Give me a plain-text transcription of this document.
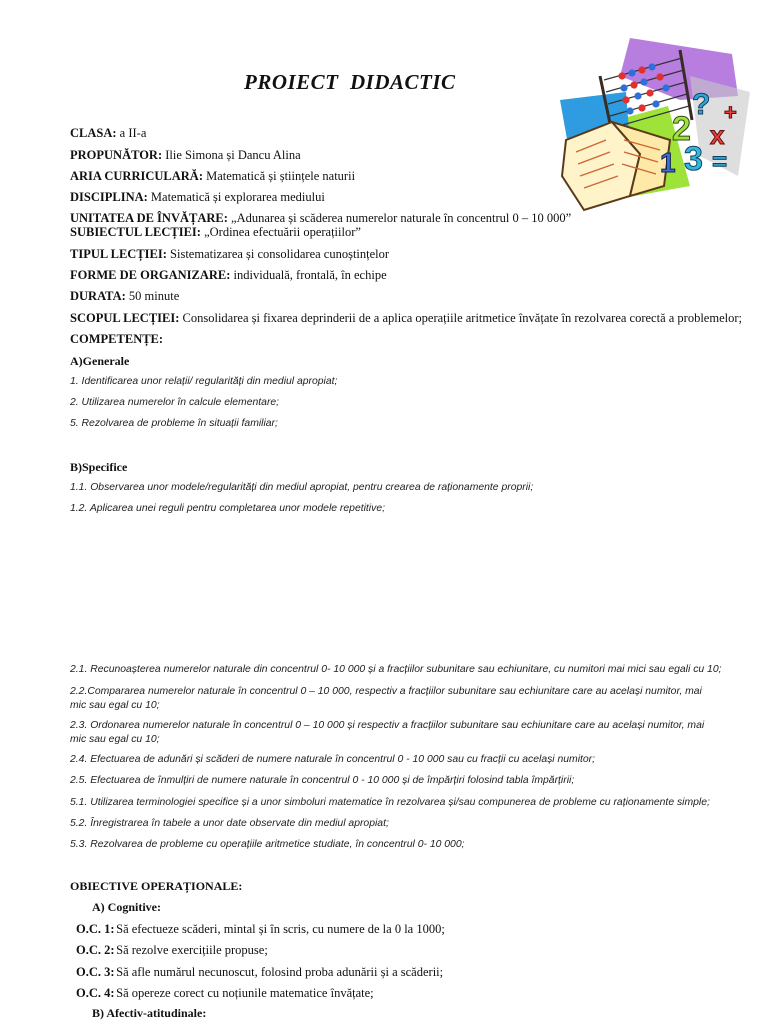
PROIECT  DIDACTIC
?
2 x
3
1 =
+
CLASA: a II-a
PROPUNĂTOR: Ilie Simona și Dancu Alina
ARIA CURRICULARĂ: Matematică și științele naturii
DISCIPLINA: Matematică și explorarea mediului
UNITATEA DE ÎNVĂȚARE: „Adunarea și scăderea numerelor naturale în concentrul 0 – 10 000”
SUBIECTUL LECȚIEI: „Ordinea efectuării operațiilor”
TIPUL LECȚIEI: Sistematizarea și consolidarea cunoștințelor
FORME DE ORGANIZARE: individuală, frontală, în echipe
DURATA: 50 minute
SCOPUL LECȚIEI: Consolidarea și fixarea deprinderii de a aplica operațiile aritmetice învățate în rezolvarea corectă a problemelor;
COMPETENȚE:
A)Generale
1. Identificarea unor relații/ regularități din mediul apropiat;
2. Utilizarea numerelor în calcule elementare;
5. Rezolvarea de probleme în situații familiar;
B)Specifice
1.1. Observarea unor modele/regularități din mediul apropiat, pentru crearea de raționamente proprii;
1.2. Aplicarea unei reguli pentru completarea unor modele repetitive;
2.1. Recunoașterea numerelor naturale din concentrul 0- 10 000 și a fracțiilor subunitare sau echiunitare, cu numitori mai mici sau egali cu 10;
2.2.Compararea numerelor naturale în concentrul 0 – 10 000, respectiv a fracțiilor subunitare sau echiunitare care au același numitor, mai mic sau egal cu 10;
2.3. Ordonarea numerelor naturale în concentrul 0 – 10 000 și respectiv a fracțiilor subunitare sau echiunitare care au același numitor, mai mic sau egal cu 10;
2.4. Efectuarea de adunări și scăderi de numere naturale în concentrul 0 - 10 000 sau cu fracții cu același numitor;
2.5. Efectuarea de înmulțiri de numere naturale în concentrul 0 - 10 000 și de împărțiri folosind tabla împărțirii;
5.1. Utilizarea terminologiei specifice și a unor simboluri matematice în rezolvarea și/sau compunerea de probleme cu raționamente simple;
5.2. Înregistrarea în tabele a unor date observate din mediul apropiat;
5.3. Rezolvarea de probleme cu operațiile aritmetice studiate, în concentrul 0- 10 000;
OBIECTIVE OPERAȚIONALE:
A) Cognitive:
O.C. 1: Să efectueze scăderi, mintal și în scris, cu numere de la 0 la 1000;
O.C. 2: Să rezolve exercițiile propuse;
O.C. 3: Să afle numărul necunoscut, folosind proba adunării și a scăderii;
O.C. 4: Să opereze corect cu noțiunile matematice învățate;
B) Afectiv-atitudinale:
